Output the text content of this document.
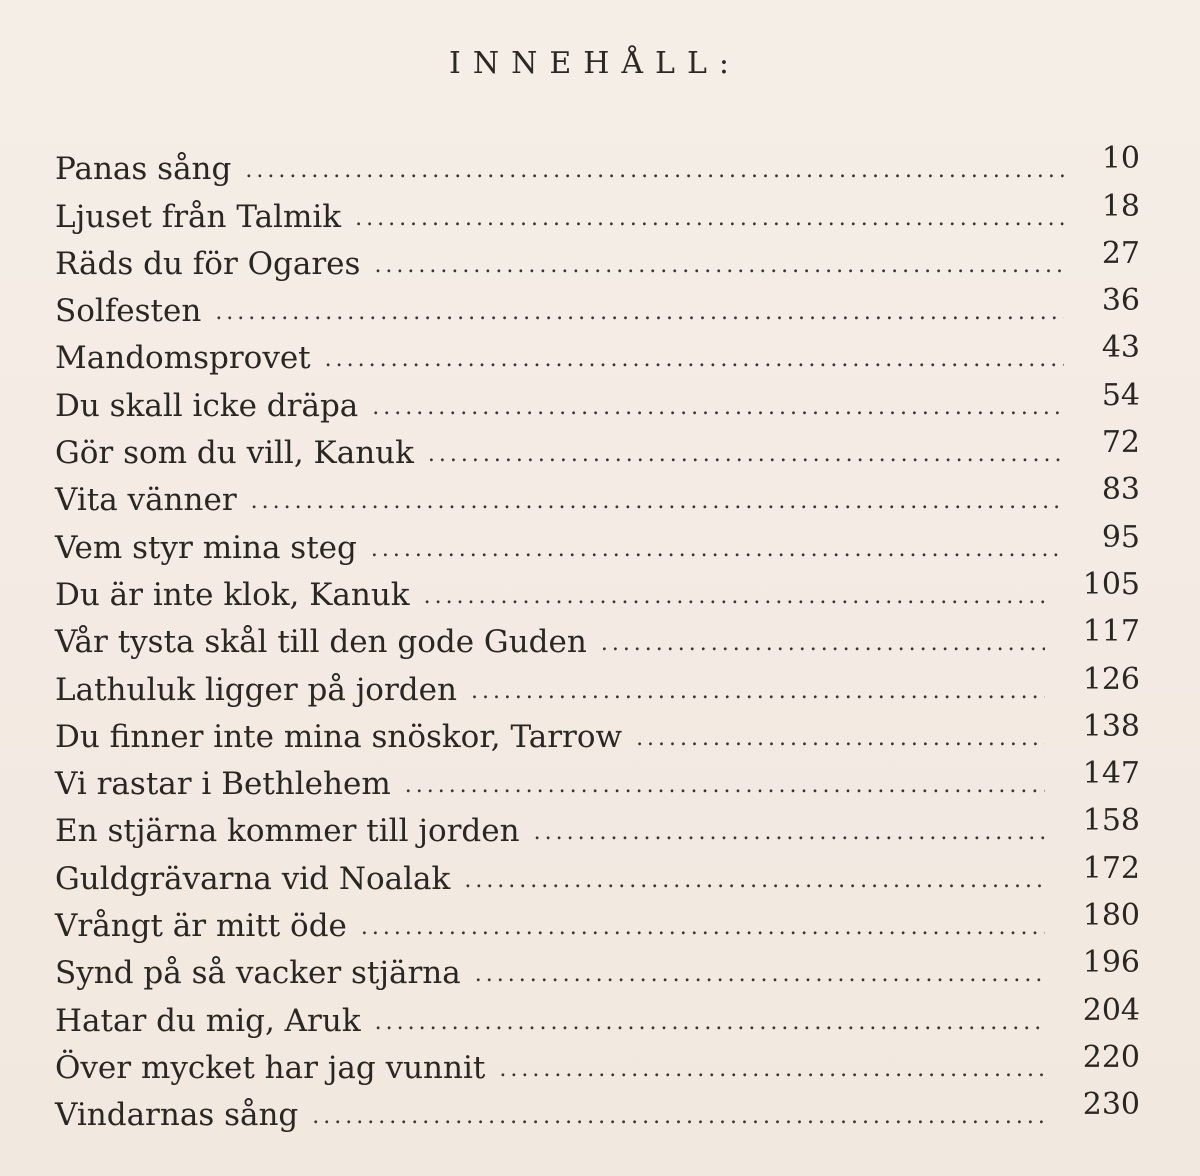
INNEHÅLL:
Panas sång .....	10
Ljuset från Talmik .....	18
Räds du för Ogares .....	27
Solfesten .....	36
Mandomsprovet .....	43
Du skall icke dräpa .....	54
Gör som du vill, Kanuk .....	72
Vita vänner .....	83
Vem styr mina steg .....	95
Du är inte klok, Kanuk .....	105
Vår tysta skål till den gode Guden .....	117
Lathuluk ligger på jorden .....	126
Du finner inte mina snöskor, Tarrow .....	138
Vi rastar i Bethlehem .....	147
En stjärna kommer till jorden .....	158
Guldgrävarna vid Noalak .....	172
Vrångt är mitt öde .....	180
Synd på så vacker stjärna .....	196
Hatar du mig, Aruk .....	204
Över mycket har jag vunnit .....	220
Vindarnas sång .....	230
